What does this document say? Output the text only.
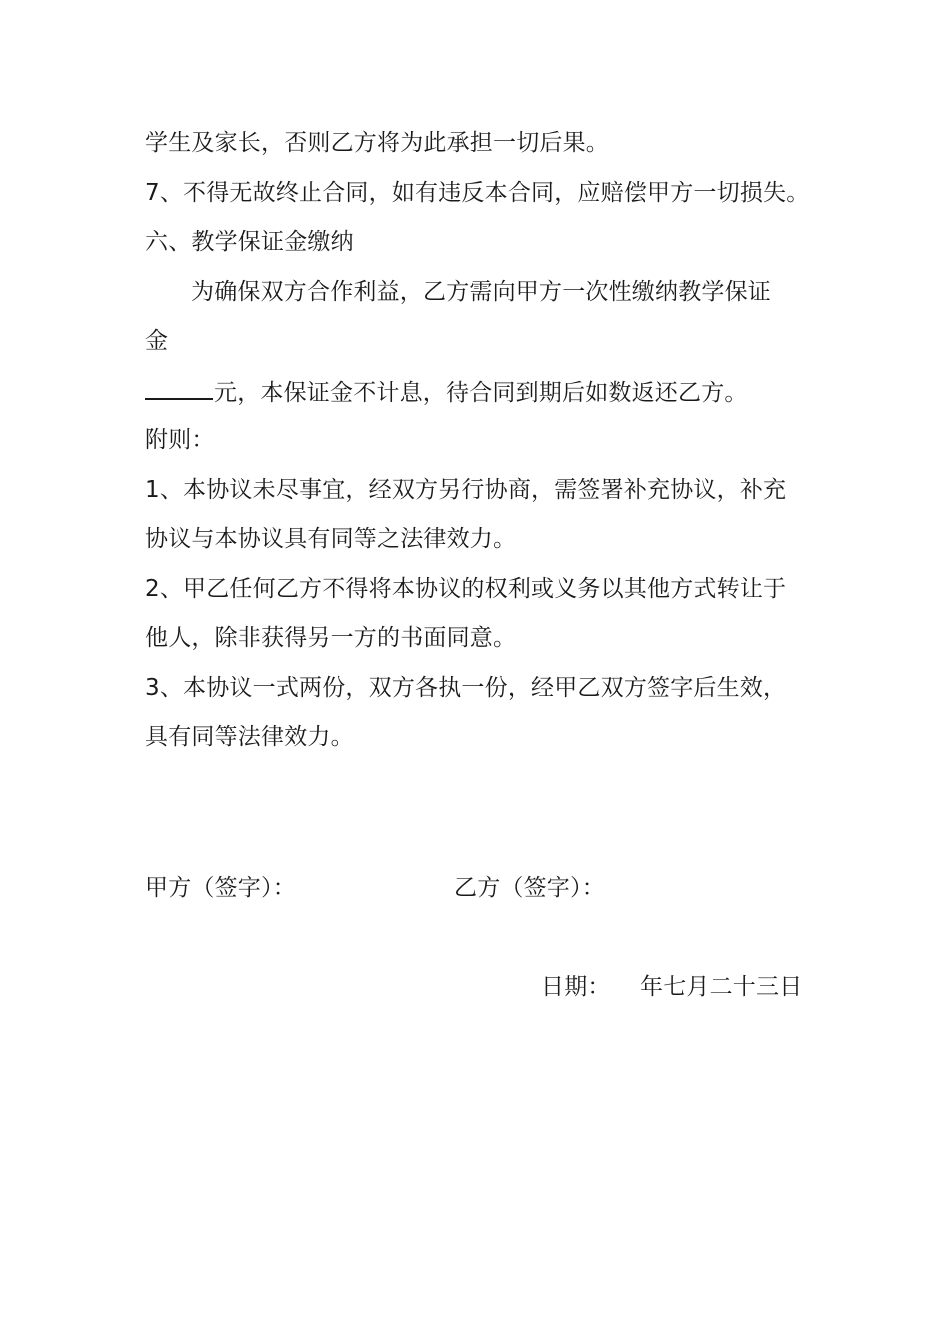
学生及家长，否则乙方将为此承担一切后果。
7、不得无故终止合同，如有违反本合同，应赔偿甲方一切损失。
六、教学保证金缴纳
为确保双方合作利益，乙方需向甲方一次性缴纳教学保证
金
元，本保证金不计息，待合同到期后如数返还乙方。
附则：
1、本协议未尽事宜，经双方另行协商，需签署补充协议，补充
协议与本协议具有同等之法律效力。
2、甲乙任何乙方不得将本协议的权利或义务以其他方式转让于
他人，除非获得另一方的书面同意。
3、本协议一式两份，双方各执一份，经甲乙双方签字后生效，
具有同等法律效力。
甲方（签字）：	乙方（签字）：
日期： 年七月二十三日
